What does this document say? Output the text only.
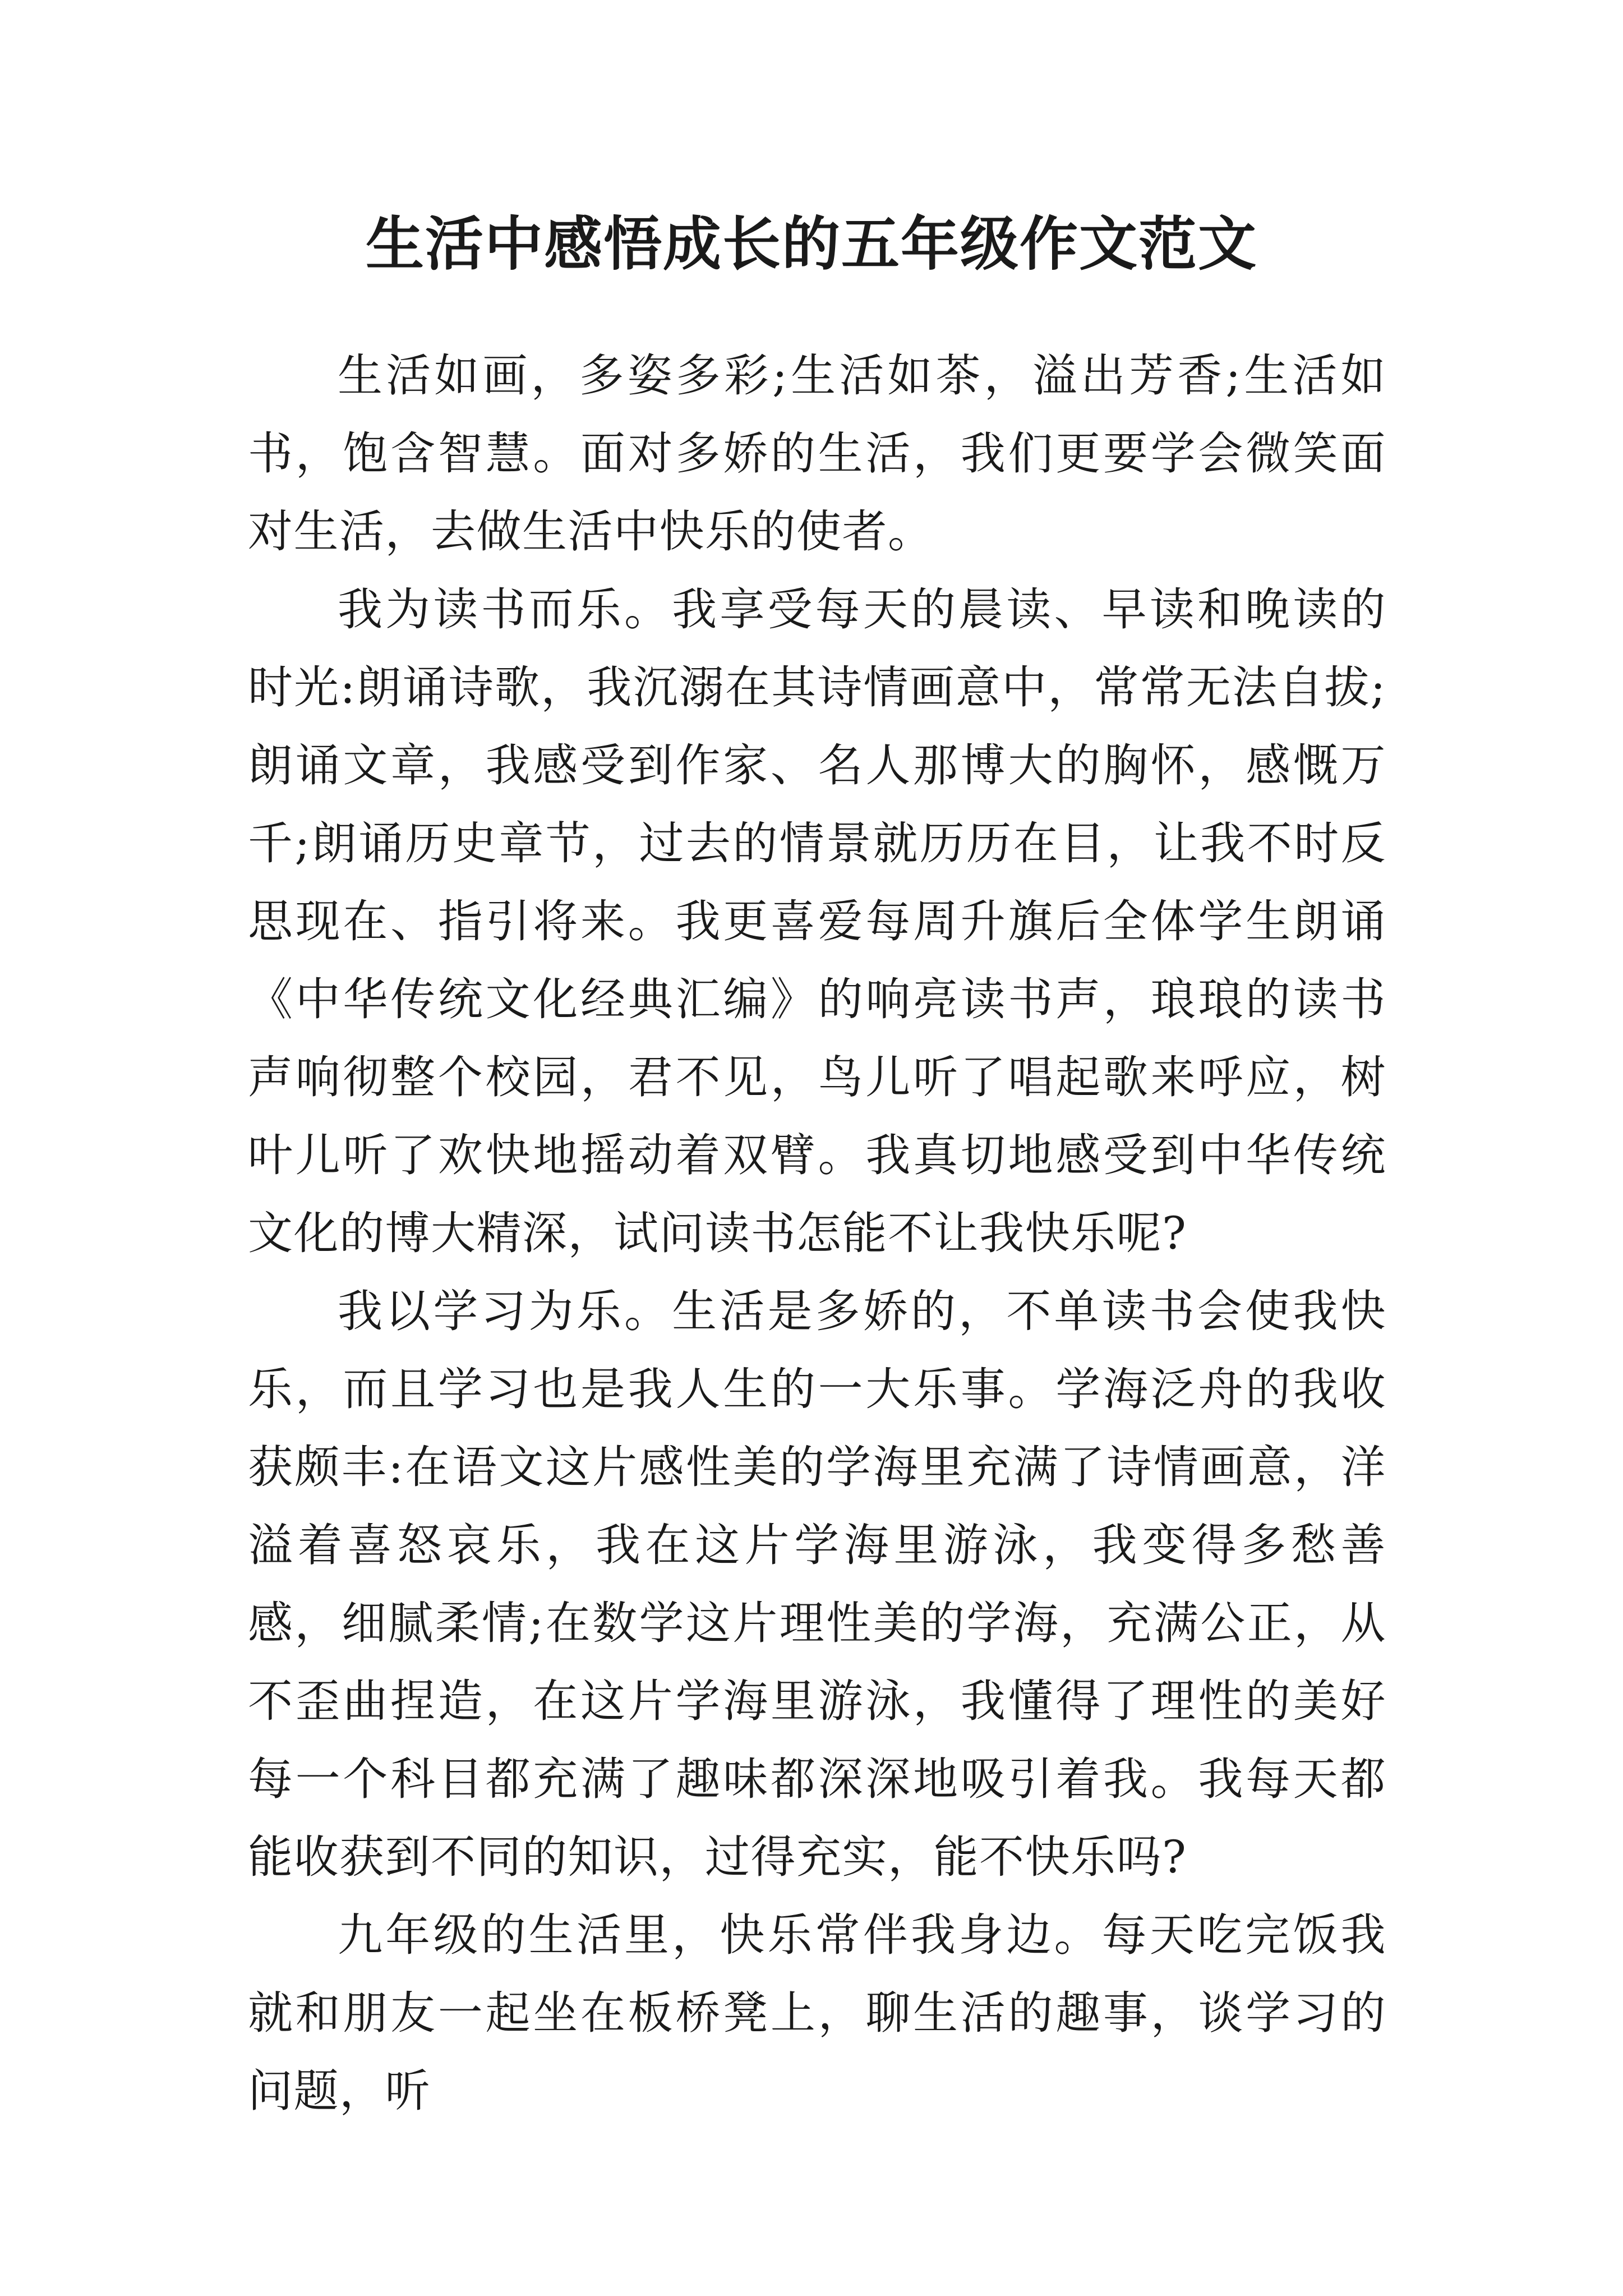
生活中感悟成长的五年级作文范文

生活如画，多姿多彩;生活如茶，溢出芳香;生活如书，饱含智慧。面对多娇的生活，我们更要学会微笑面对生活，去做生活中快乐的使者。

我为读书而乐。我享受每天的晨读、早读和晚读的时光:朗诵诗歌，我沉溺在其诗情画意中，常常无法自拔;朗诵文章，我感受到作家、名人那博大的胸怀，感慨万千;朗诵历史章节，过去的情景就历历在目，让我不时反思现在、指引将来。我更喜爱每周升旗后全体学生朗诵《中华传统文化经典汇编》的响亮读书声，琅琅的读书声响彻整个校园，君不见，鸟儿听了唱起歌来呼应，树叶儿听了欢快地摇动着双臂。我真切地感受到中华传统文化的博大精深，试问读书怎能不让我快乐呢?

我以学习为乐。生活是多娇的，不单读书会使我快乐，而且学习也是我人生的一大乐事。学海泛舟的我收获颇丰:在语文这片感性美的学海里充满了诗情画意，洋溢着喜怒哀乐，我在这片学海里游泳，我变得多愁善感，细腻柔情;在数学这片理性美的学海，充满公正，从不歪曲捏造，在这片学海里游泳，我懂得了理性的美好每一个科目都充满了趣味都深深地吸引着我。我每天都能收获到不同的知识，过得充实，能不快乐吗?

九年级的生活里，快乐常伴我身边。每天吃完饭我就和朋友一起坐在板桥凳上，聊生活的趣事，谈学习的问题，听
